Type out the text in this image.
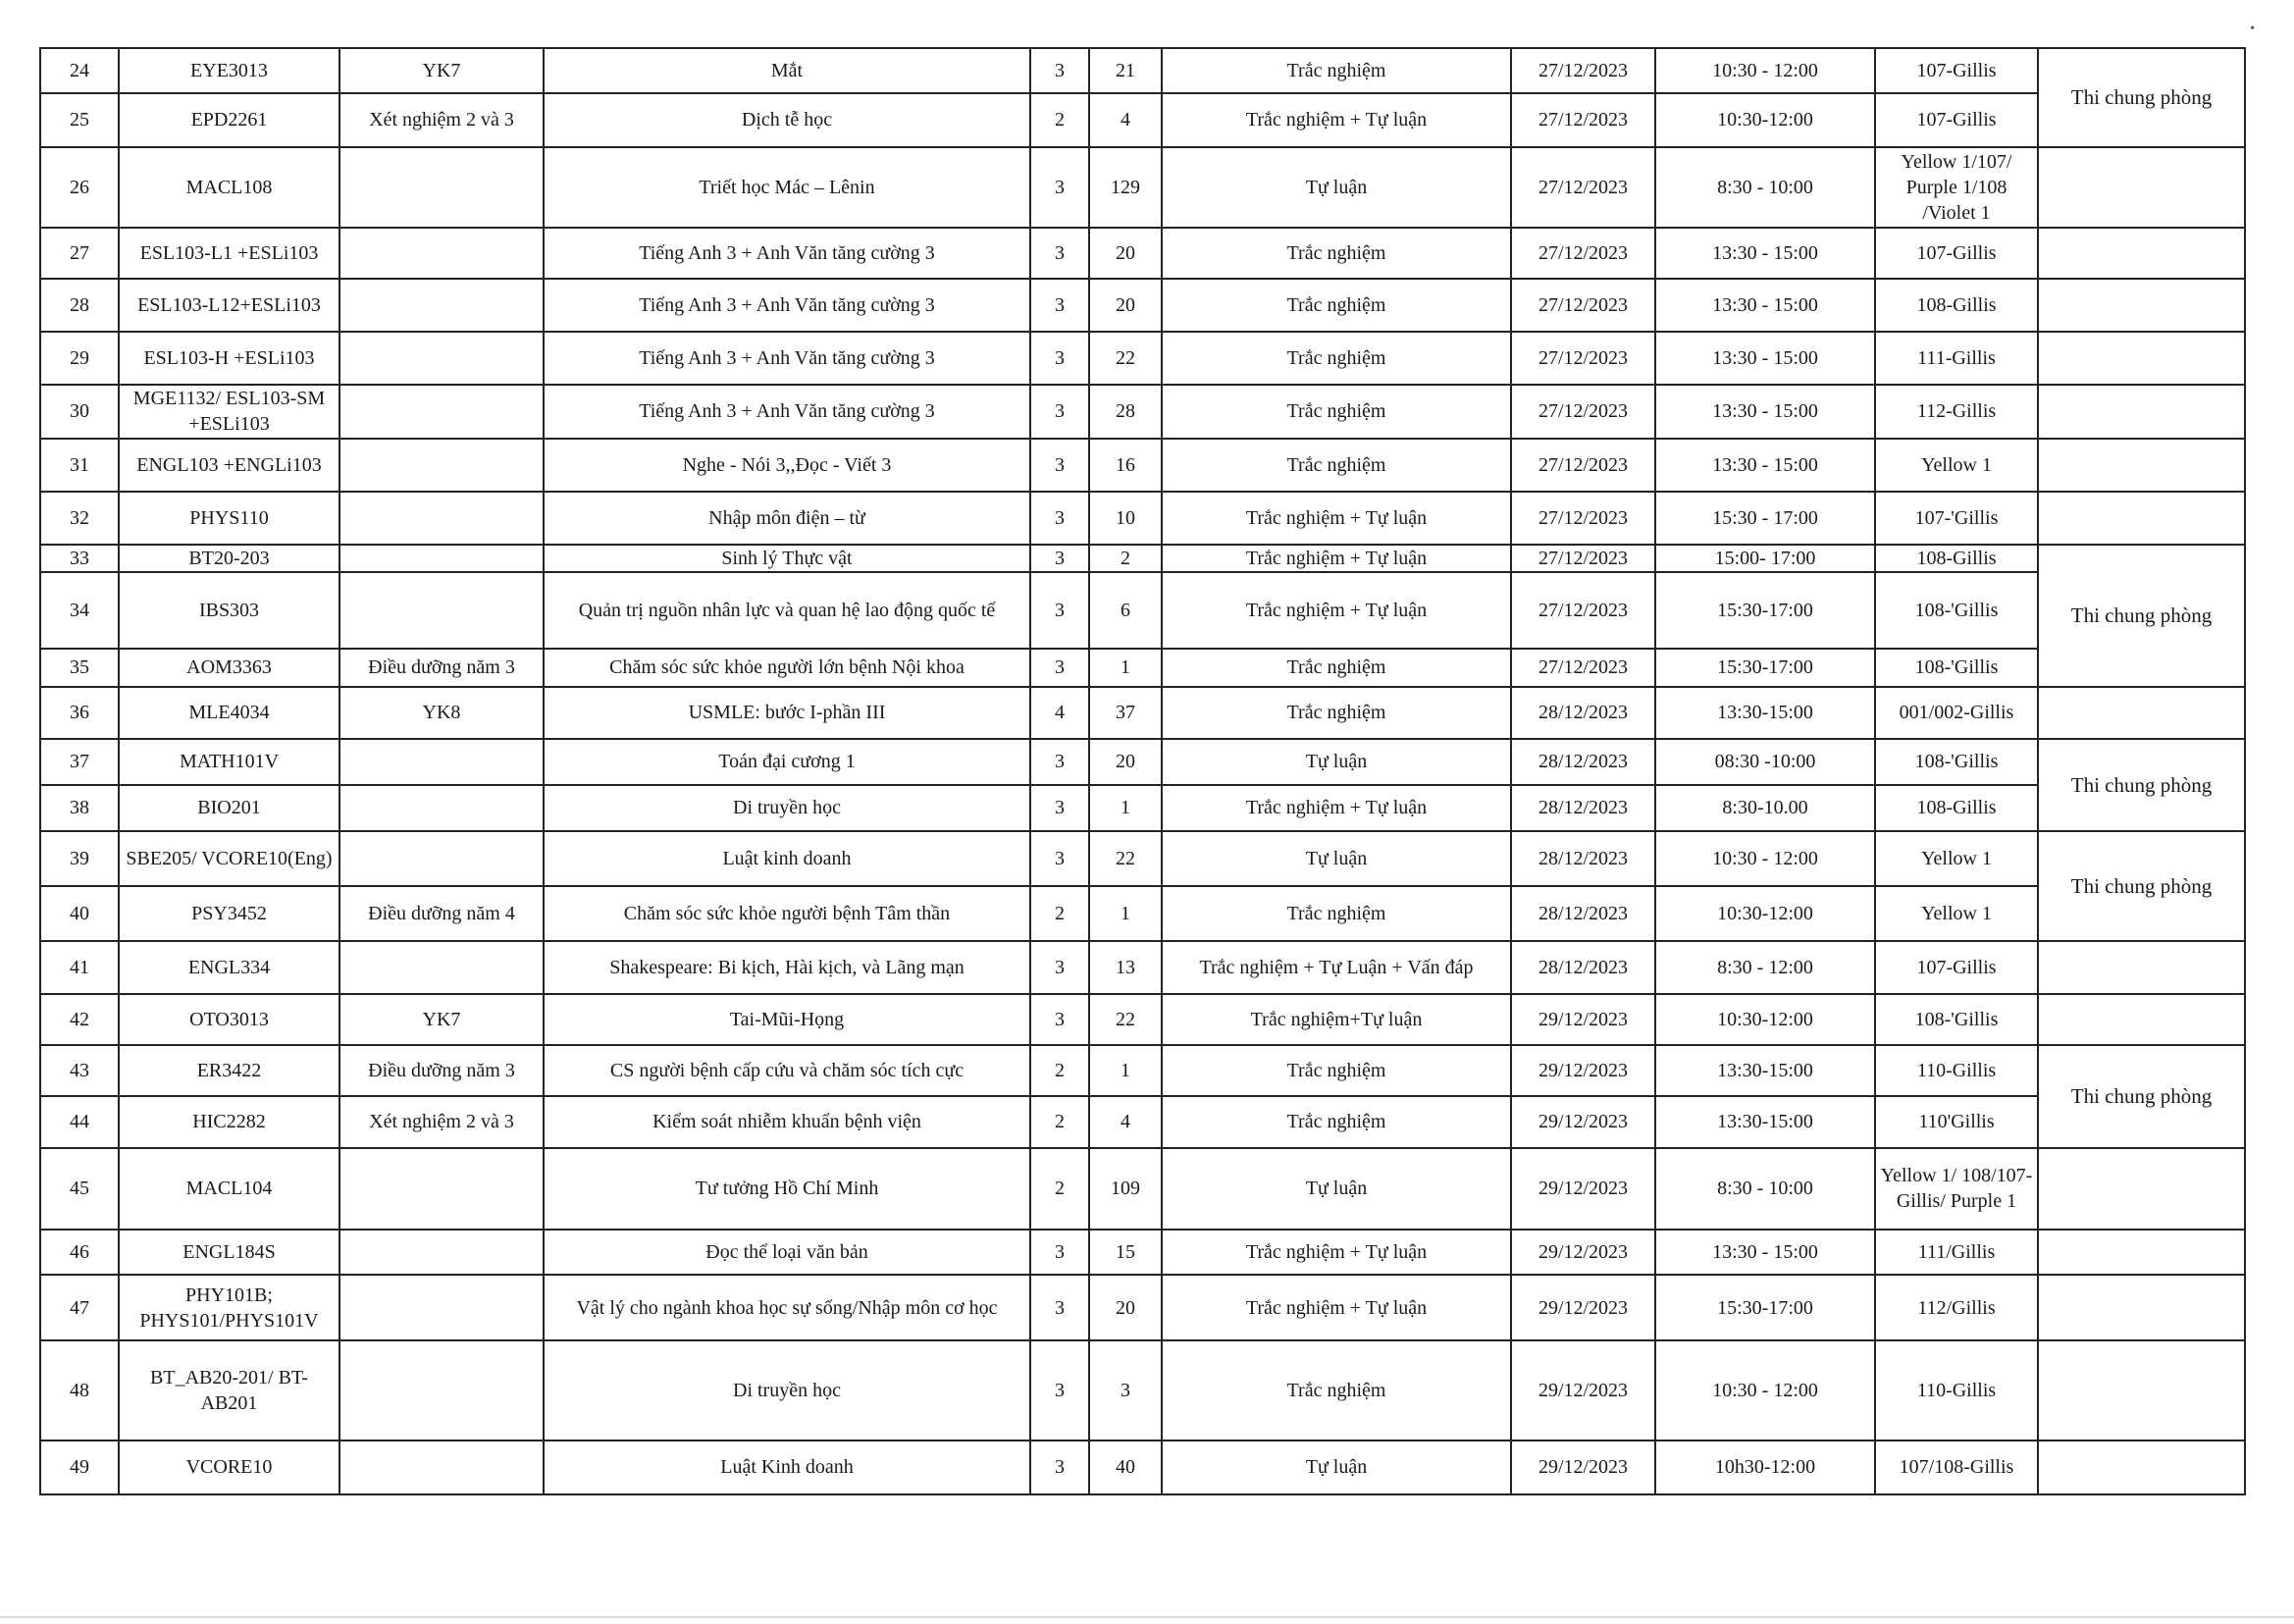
•
24	EYE3013	YK7	Mắt	3	21	Trắc nghiệm	27/12/2023	10:30 - 12:00	107-Gillis	Thi chung phòng
25	EPD2261	Xét nghiệm 2 và 3	Dịch tễ học	2	4	Trắc nghiệm + Tự luận	27/12/2023	10:30-12:00	107-Gillis	
26	MACL108		Triết học Mác – Lênin	3	129	Tự luận	27/12/2023	8:30 - 10:00	Yellow 1/107/ Purple 1/108 /Violet 1	
27	ESL103-L1 +ESLi103		Tiếng Anh 3 + Anh Văn tăng cường 3	3	20	Trắc nghiệm	27/12/2023	13:30 - 15:00	107-Gillis	
28	ESL103-L12+ESLi103		Tiếng Anh 3 + Anh Văn tăng cường 3	3	20	Trắc nghiệm	27/12/2023	13:30 - 15:00	108-Gillis	
29	ESL103-H +ESLi103		Tiếng Anh 3 + Anh Văn tăng cường 3	3	22	Trắc nghiệm	27/12/2023	13:30 - 15:00	111-Gillis	
30	MGE1132/ ESL103-SM +ESLi103		Tiếng Anh 3 + Anh Văn tăng cường 3	3	28	Trắc nghiệm	27/12/2023	13:30 - 15:00	112-Gillis	
31	ENGL103 +ENGLi103		Nghe - Nói 3,,Đọc - Viết 3	3	16	Trắc nghiệm	27/12/2023	13:30 - 15:00	Yellow 1	
32	PHYS110		Nhập môn điện – từ	3	10	Trắc nghiệm + Tự luận	27/12/2023	15:30 - 17:00	107-'Gillis	
33	BT20-203		Sinh lý Thực vật	3	2	Trắc nghiệm + Tự luận	27/12/2023	15:00- 17:00	108-Gillis	Thi chung phòng
34	IBS303		Quản trị nguồn nhân lực và quan hệ lao động quốc tế	3	6	Trắc nghiệm + Tự luận	27/12/2023	15:30-17:00	108-'Gillis	
35	AOM3363	Điều dưỡng năm 3	Chăm sóc sức khỏe người lớn bệnh Nội khoa	3	1	Trắc nghiệm	27/12/2023	15:30-17:00	108-'Gillis	
36	MLE4034	YK8	USMLE: bước I-phần III	4	37	Trắc nghiệm	28/12/2023	13:30-15:00	001/002-Gillis	
37	MATH101V		Toán đại cương 1	3	20	Tự luận	28/12/2023	08:30 -10:00	108-'Gillis	Thi chung phòng
38	BIO201		Di truyền học	3	1	Trắc nghiệm + Tự luận	28/12/2023	8:30-10.00	108-Gillis	
39	SBE205/ VCORE10(Eng)		Luật kinh doanh	3	22	Tự luận	28/12/2023	10:30 - 12:00	Yellow 1	Thi chung phòng
40	PSY3452	Điều dưỡng năm 4	Chăm sóc sức khỏe người bệnh Tâm thần	2	1	Trắc nghiệm	28/12/2023	10:30-12:00	Yellow 1	
41	ENGL334		Shakespeare: Bi kịch, Hài kịch, và Lãng mạn	3	13	Trắc nghiệm + Tự Luận + Vấn đáp	28/12/2023	8:30 - 12:00	107-Gillis	
42	OTO3013	YK7	Tai-Mũi-Họng	3	22	Trắc nghiệm+Tự luận	29/12/2023	10:30-12:00	108-'Gillis	
43	ER3422	Điều dưỡng năm 3	CS người bệnh cấp cứu và chăm sóc tích cực	2	1	Trắc nghiệm	29/12/2023	13:30-15:00	110-Gillis	Thi chung phòng
44	HIC2282	Xét nghiệm 2 và 3	Kiểm soát nhiễm khuẩn bệnh viện	2	4	Trắc nghiệm	29/12/2023	13:30-15:00	110'Gillis	
45	MACL104		Tư tưởng Hồ Chí Minh	2	109	Tự luận	29/12/2023	8:30 - 10:00	Yellow 1/ 108/107-Gillis/ Purple 1	
46	ENGL184S		Đọc thể loại văn bản	3	15	Trắc nghiệm + Tự luận	29/12/2023	13:30 - 15:00	111/Gillis	
47	PHY101B; PHYS101/PHYS101V		Vật lý cho ngành khoa học sự sống/Nhập môn cơ học	3	20	Trắc nghiệm + Tự luận	29/12/2023	15:30-17:00	112/Gillis	
48	BT_AB20-201/ BT-AB201		Di truyền học	3	3	Trắc nghiệm	29/12/2023	10:30 - 12:00	110-Gillis	
49	VCORE10		Luật Kinh doanh	3	40	Tự luận	29/12/2023	10h30-12:00	107/108-Gillis	
